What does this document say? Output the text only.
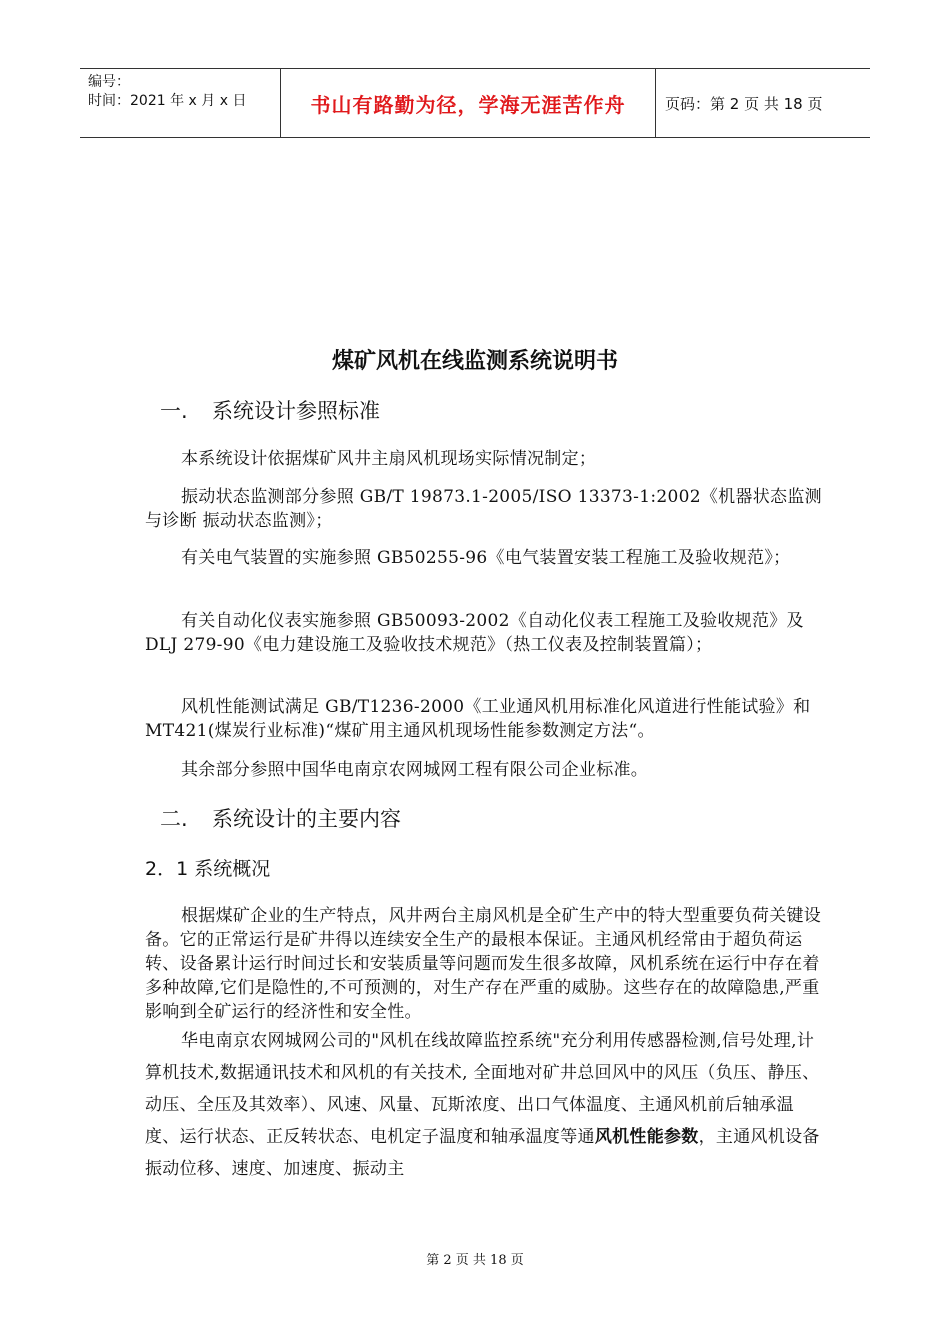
编号：
时间：2021 年 x 月 x 日	书山有路勤为径，学海无涯苦作舟	页码：第 2 页 共 18 页
煤矿风机在线监测系统说明书
一. 系统设计参照标准
本系统设计依据煤矿风井主扇风机现场实际情况制定；
振动状态监测部分参照 GB/T 19873.1-2005/ISO 13373-1:2002《机器状态监测与诊断 振动状态监测》；
有关电气装置的实施参照 GB50255-96《电气装置安装工程施工及验收规范》；
有关自动化仪表实施参照 GB50093-2002《自动化仪表工程施工及验收规范》及 DLJ 279-90《电力建设施工及验收技术规范》（热工仪表及控制装置篇）；
风机性能测试满足 GB/T1236-2000《工业通风机用标准化风道进行性能试验》和 MT421(煤炭行业标准)“煤矿用主通风机现场性能参数测定方法“。
其余部分参照中国华电南京农网城网工程有限公司企业标准。
二. 系统设计的主要内容
2．1 系统概况
根据煤矿企业的生产特点，风井两台主扇风机是全矿生产中的特大型重要负荷关键设备。它的正常运行是矿井得以连续安全生产的最根本保证。主通风机经常由于超负荷运转、设备累计运行时间过长和安装质量等问题而发生很多故障，风机系统在运行中存在着多种故障,它们是隐性的,不可预测的，对生产存在严重的威胁。这些存在的故障隐患,严重影响到全矿运行的经济性和安全性。
华电南京农网城网公司的"风机在线故障监控系统"充分利用传感器检测,信号处理,计算机技术,数据通讯技术和风机的有关技术, 全面地对矿井总回风中的风压（负压、静压、动压、全压及其效率）、风速、风量、瓦斯浓度、出口气体温度、主通风机前后轴承温度、运行状态、正反转状态、电机定子温度和轴承温度等通风机性能参数，主通风机设备振动位移、速度、加速度、振动主
第 2 页 共 18 页
